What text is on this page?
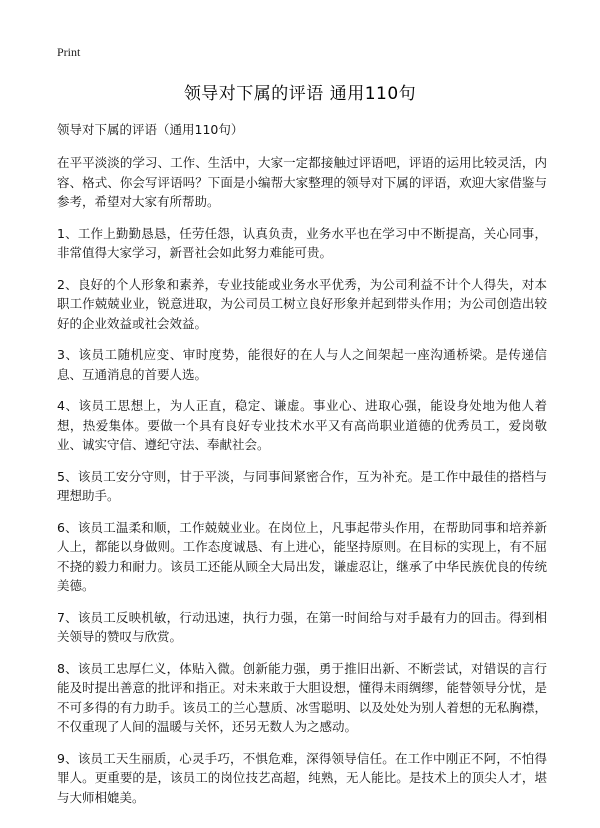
Print
领导对下属的评语 通用110句

领导对下属的评语（通用110句）

在平平淡淡的学习、工作、生活中，大家一定都接触过评语吧，评语的运用比较灵活，内容、格式、你会写评语吗？下面是小编帮大家整理的领导对下属的评语，欢迎大家借鉴与参考，希望对大家有所帮助。

1、工作上勤勤恳恳，任劳任怨，认真负责，业务水平也在学习中不断提高，关心同事，非常值得大家学习，新晋社会如此努力难能可贵。

2、良好的个人形象和素养，专业技能或业务水平优秀，为公司利益不计个人得失，对本职工作兢兢业业，锐意进取，为公司员工树立良好形象并起到带头作用；为公司创造出较好的企业效益或社会效益。

3、该员工随机应变、审时度势，能很好的在人与人之间架起一座沟通桥梁。是传递信息、互通消息的首要人选。

4、该员工思想上，为人正直，稳定、谦虚。事业心、进取心强，能设身处地为他人着想，热爱集体。要做一个具有良好专业技术水平又有高尚职业道德的优秀员工，爱岗敬业、诚实守信、遵纪守法、奉献社会。

5、该员工安分守则，甘于平淡，与同事间紧密合作，互为补充。是工作中最佳的搭档与理想助手。

6、该员工温柔和顺，工作兢兢业业。在岗位上，凡事起带头作用，在帮助同事和培养新人上，都能以身做则。工作态度诚恳、有上进心，能坚持原则。在目标的实现上，有不屈不挠的毅力和耐力。该员工还能从顾全大局出发，谦虚忍让，继承了中华民族优良的传统美德。

7、该员工反映机敏，行动迅速，执行力强，在第一时间给与对手最有力的回击。得到相关领导的赞叹与欣赏。

8、该员工忠厚仁义，体贴入微。创新能力强，勇于推旧出新、不断尝试，对错误的言行能及时提出善意的批评和指正。对未来敢于大胆设想，懂得未雨绸缪，能替领导分忧，是不可多得的有力助手。该员工的兰心慧质、冰雪聪明、以及处处为别人着想的无私胸襟，不仅重现了人间的温暖与关怀，还另无数人为之感动。

9、该员工天生丽质，心灵手巧，不惧危难，深得领导信任。在工作中刚正不阿，不怕得罪人。更重要的是，该员工的岗位技艺高超，纯熟，无人能比。是技术上的顶尖人才，堪与大师相媲美。
